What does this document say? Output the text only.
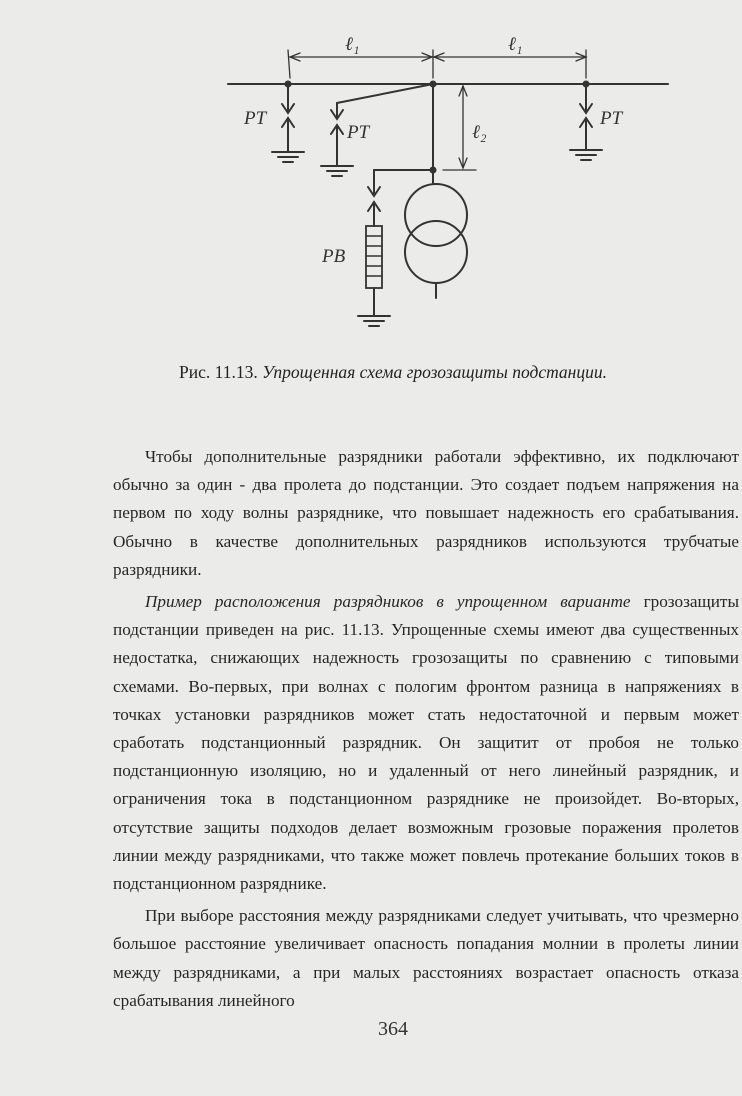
ℓ₁	ℓ₁
ℓ₂
PT
PT
PT
PB
Рис. 11.13. Упрощенная схема грозозащиты подстанции.

Чтобы дополнительные разрядники работали эффективно, их подключают обычно за один - два пролета до подстанции. Это создает подъем напряжения на первом по ходу волны разряднике, что повышает надежность его срабатывания. Обычно в качестве дополнительных разрядников используются трубчатые разрядники.

Пример расположения разрядников в упрощенном варианте грозозащиты подстанции приведен на рис. 11.13. Упрощенные схемы имеют два существенных недостатка, снижающих надежность грозозащиты по сравнению с типовыми схемами. Во-первых, при волнах с пологим фронтом разница в напряжениях в точках установки разрядников может стать недостаточной и первым может сработать подстанционный разрядник. Он защитит от пробоя не только подстанционную изоляцию, но и удаленный от него линейный разрядник, и ограничения тока в подстанционном разряднике не произойдет. Во-вторых, отсутствие защиты подходов делает возможным грозовые поражения пролетов линии между разрядниками, что также может повлечь протекание больших токов в подстанционном разряднике.

При выборе расстояния между разрядниками следует учитывать, что чрезмерно большое расстояние увеличивает опасность попадания молнии в пролеты линии между разрядниками, а при малых расстояниях возрастает опасность отказа срабатывания линейного

364
